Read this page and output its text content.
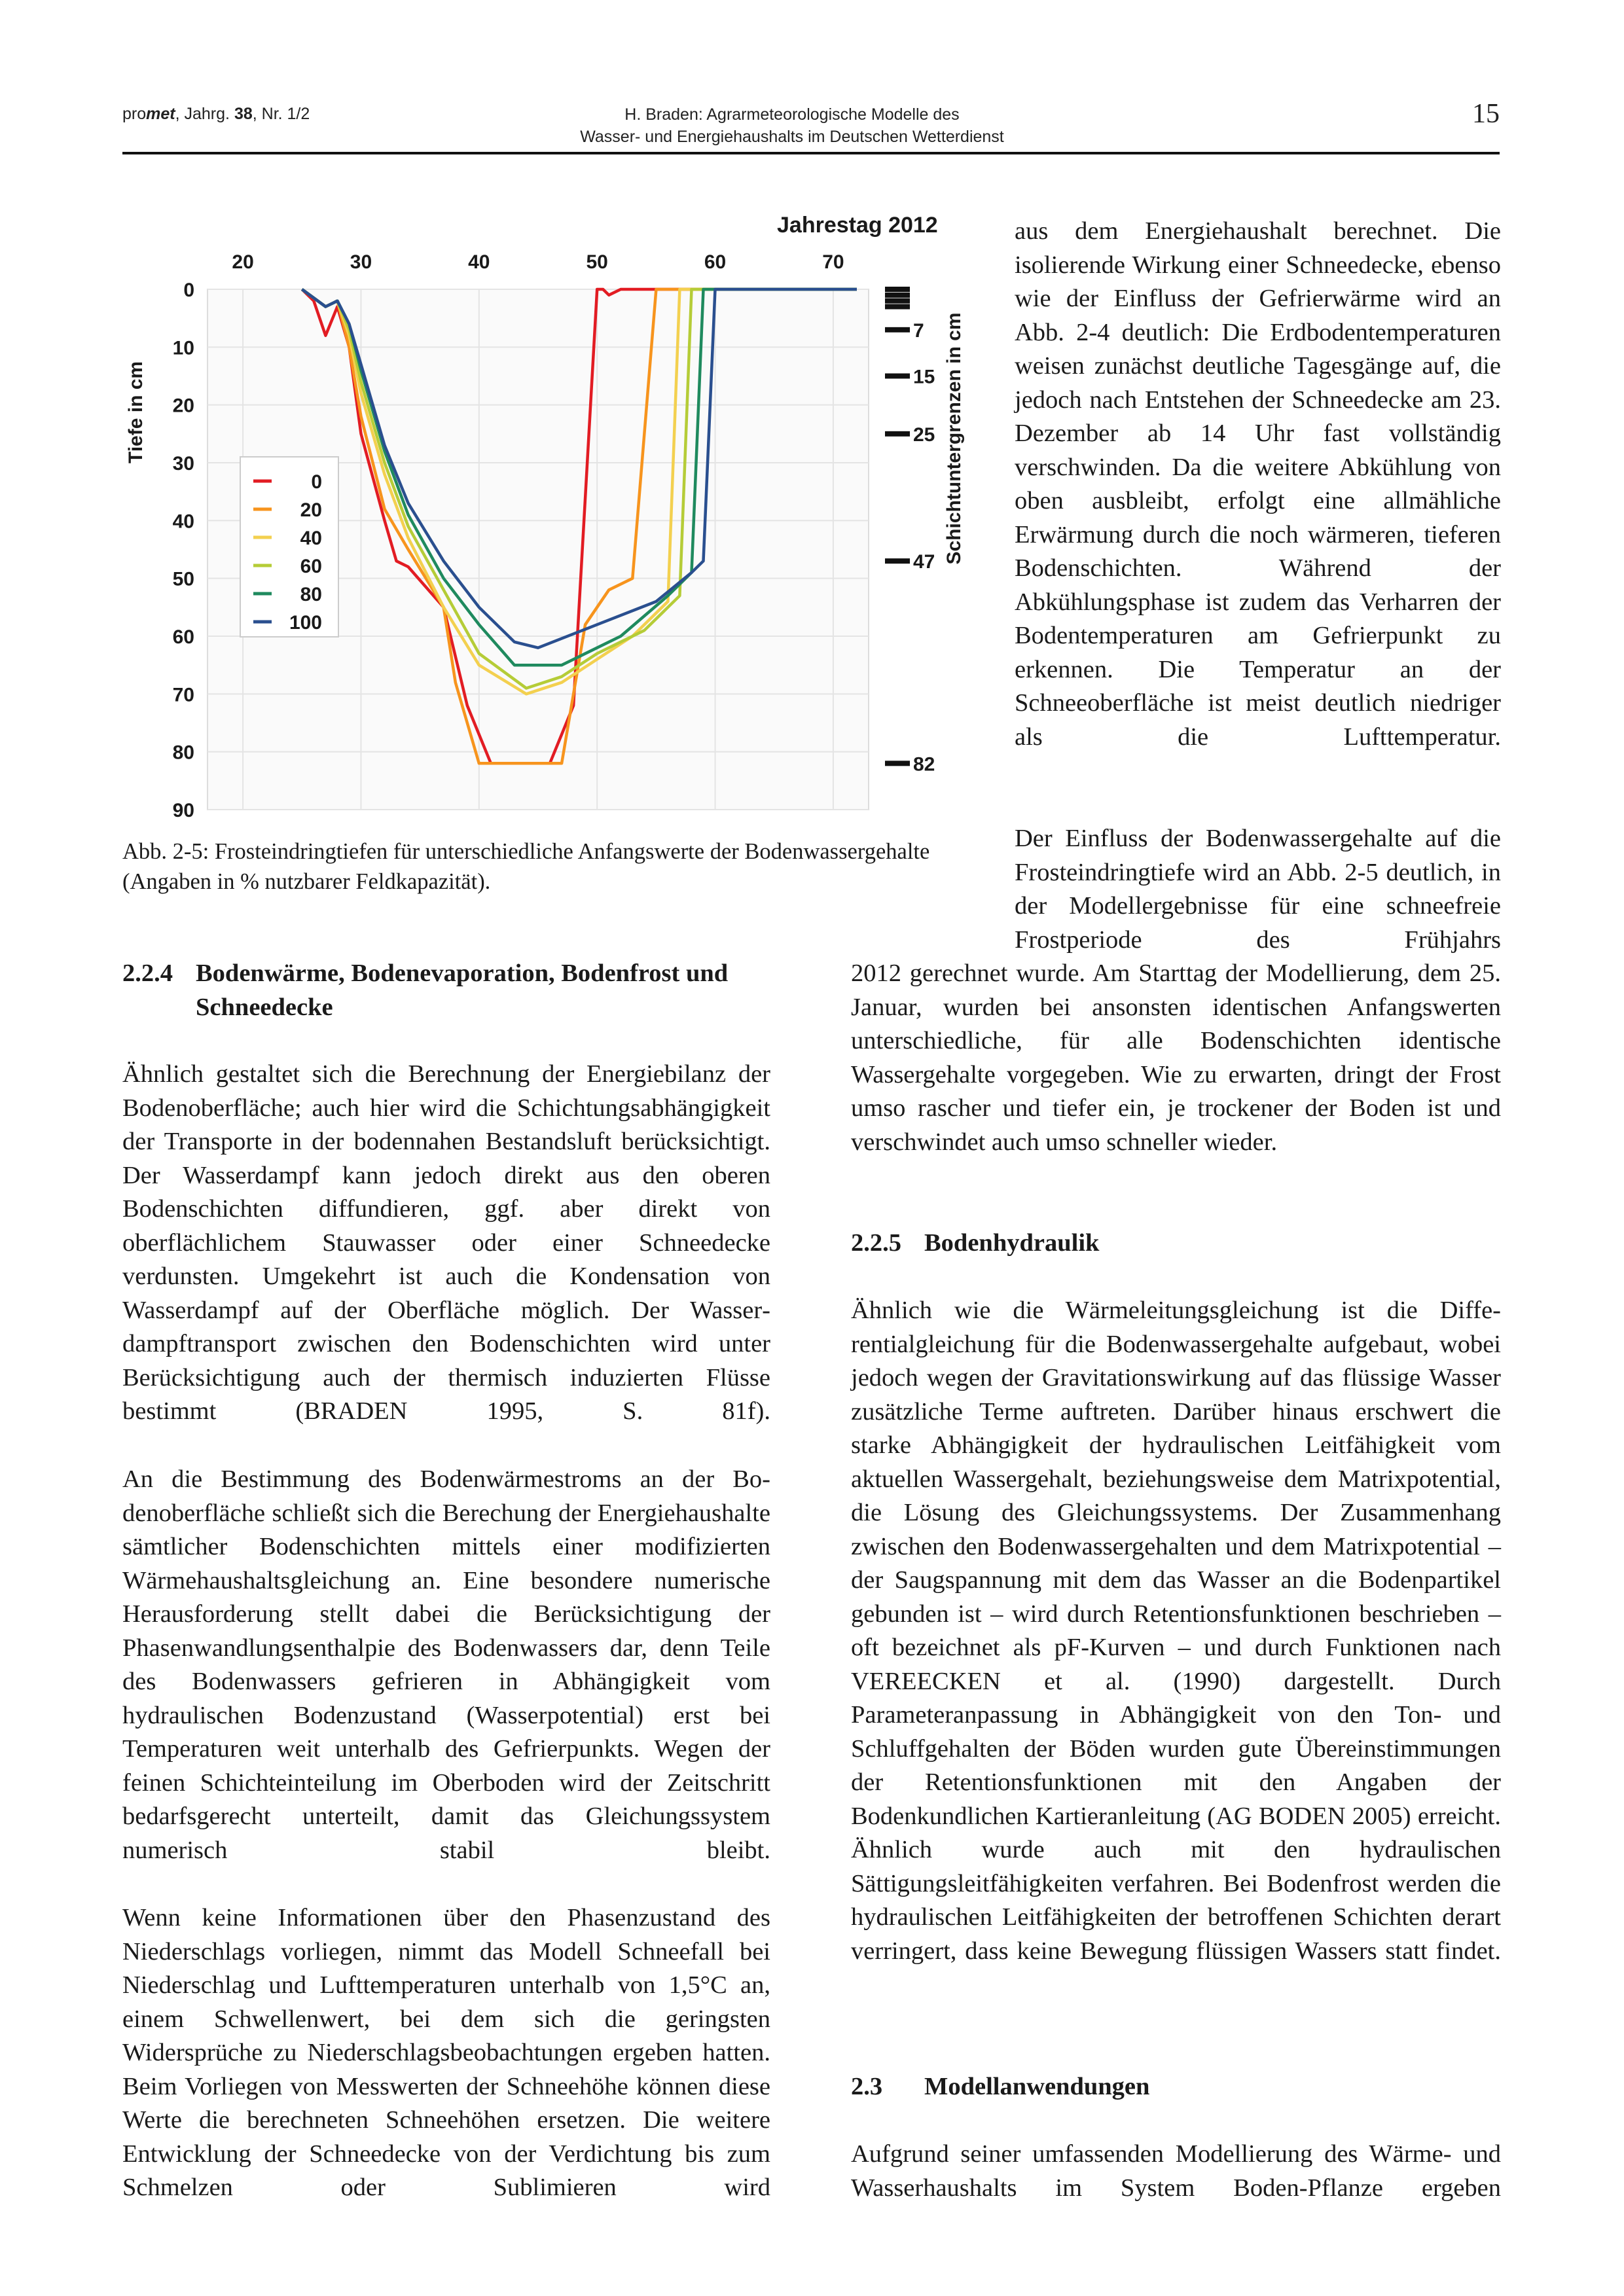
promet, Jahrg. 38, Nr. 1/2	H. Braden: Agrarmeteorologische Modelle des
Wasser- und Energiehaushalts im Deutschen Wetterdienst
15
7
15
25
47
82
20	30	40	50	60	70
0
10
20
30
40
50
60
70
80
90
Jahrestag 2012
Tiefe in cm	Schichtuntergrenzen in cm
0
20
40
60
80
100

Abb. 2-5: Frosteindringtiefen für unterschiedliche Anfangswerte der Bodenwassergehalte (Angaben in % nutzbarer Feldkapazität).

aus dem Energiehaushalt berechnet. Die isolierende Wirkung einer Schneedecke, ebenso wie der Einfluss der Gefrierwärme wird an Abb. 2-4 deutlich: Die Erdbodentemperaturen weisen zunächst deutliche Tagesgänge auf, die jedoch nach Entstehen der Schneedecke am 23. Dezember ab 14 Uhr fast vollständig verschwinden. Da die weitere Abkühlung von oben ausbleibt, erfolgt eine allmähliche Erwärmung durch die noch wärmeren, tieferen Bodenschichten. Während der Abkühlungsphase ist zudem das Verharren der Bodentemperaturen am Gefrierpunkt zu erkennen. Die Temperatur an der Schneeoberfläche ist meist deutlich niedriger als die Lufttemperatur.

Der Einfluss der Bodenwassergehalte auf die Frosteindringtiefe wird an Abb. 2-5 deutlich, in der Modellergebnisse für eine schneefreie Frostperiode des Frühjahrs

2012 gerechnet wurde. Am Starttag der Modellierung, dem 25. Januar, wurden bei ansonsten identischen Anfangswerten unterschiedliche, für alle Bodenschichten identische Wassergehalte vorgegeben. Wie zu erwarten, dringt der Frost umso rascher und tiefer ein, je trockener der Boden ist und verschwindet auch umso schneller wieder.

2.2.4 Bodenwärme, Bodenevaporation, Bodenfrost und
Schneedecke

Ähnlich gestaltet sich die Berechnung der Energiebilanz der Bodenoberfläche; auch hier wird die Schichtungsabhängigkeit der Transporte in der bodennahen Bestandsluft berücksichtigt. Der Wasserdampf kann jedoch direkt aus den oberen Bodenschichten diffundieren, ggf. aber direkt von oberflächlichem Stauwasser oder einer Schneedecke verdunsten. Umgekehrt ist auch die Kondensation von Wasserdampf auf der Oberfläche möglich. Der Wasserdampftransport zwischen den Bodenschichten wird unter Berücksichtigung auch der thermisch induzierten Flüsse bestimmt (BRADEN 1995, S. 81f).

An die Bestimmung des Bodenwärmestroms an der Bodenoberfläche schließt sich die Berechung der Energiehaushalte sämtlicher Bodenschichten mittels einer modifizierten Wärmehaushaltsgleichung an. Eine besondere numerische Herausforderung stellt dabei die Berücksichtigung der Phasenwandlungsenthalpie des Bodenwassers dar, denn Teile des Bodenwassers gefrieren in Abhängigkeit vom hydraulischen Bodenzustand (Wasserpotential) erst bei Temperaturen weit unterhalb des Gefrierpunkts. Wegen der feinen Schichteinteilung im Oberboden wird der Zeitschritt bedarfsgerecht unterteilt, damit das Gleichungssystem numerisch stabil bleibt.

Wenn keine Informationen über den Phasenzustand des Niederschlags vorliegen, nimmt das Modell Schneefall bei Niederschlag und Lufttemperaturen unterhalb von 1,5°C an, einem Schwellenwert, bei dem sich die geringsten Widersprüche zu Niederschlagsbeobachtungen ergeben hatten. Beim Vorliegen von Messwerten der Schneehöhe können diese Werte die berechneten Schneehöhen ersetzen. Die weitere Entwicklung der Schneedecke von der Verdichtung bis zum Schmelzen oder Sublimieren wird

2.2.5 Bodenhydraulik

Ähnlich wie die Wärmeleitungsgleichung ist die Differentialgleichung für die Bodenwassergehalte aufgebaut, wobei jedoch wegen der Gravitationswirkung auf das flüssige Wasser zusätzliche Terme auftreten. Darüber hinaus erschwert die starke Abhängigkeit der hydraulischen Leitfähigkeit vom aktuellen Wassergehalt, beziehungsweise dem Matrixpotential, die Lösung des Gleichungssystems. Der Zusammenhang zwischen den Bodenwassergehalten und dem Matrixpotential – der Saugspannung mit dem das Wasser an die Bodenpartikel gebunden ist – wird durch Retentionsfunktionen beschrieben – oft bezeichnet als pF-Kurven – und durch Funktionen nach VEREECKEN et al. (1990) dargestellt. Durch Parameteranpassung in Abhängigkeit von den Ton- und Schluffgehalten der Böden wurden gute Übereinstimmungen der Retentionsfunktionen mit den Angaben der Bodenkundlichen Kartieranleitung (AG BODEN 2005) erreicht. Ähnlich wurde auch mit den hydraulischen Sättigungsleitfähigkeiten verfahren. Bei Bodenfrost werden die hydraulischen Leitfähigkeiten der betroffenen Schichten derart verringert, dass keine Bewegung flüssigen Wassers statt findet.

2.3 Modellanwendungen

Aufgrund seiner umfassenden Modellierung des Wärme- und Wasserhaushalts im System Boden-Pflanze ergeben
